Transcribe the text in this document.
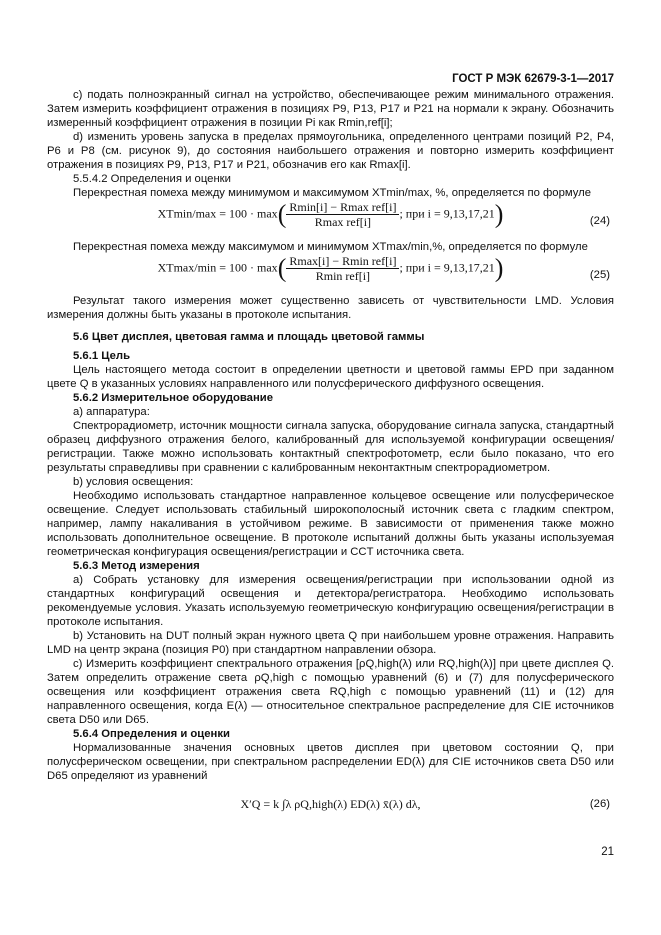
ГОСТ Р МЭК 62679-3-1—2017

c) подать полноэкранный сигнал на устройство, обеспечивающее режим минимального отражения. Затем измерить коэффициент отражения в позициях P9, P13, P17 и P21 на нормали к экрану. Обозначить измеренный коэффициент отражения в позиции Pi как Rmin,ref[i];

d) изменить уровень запуска в пределах прямоугольника, определенного центрами позиций P2, P4, P6 и P8 (см. рисунок 9), до состояния наибольшего отражения и повторно измерить коэффициент отражения в позициях P9, P13, P17 и P21, обозначив его как Rmax[i].

5.5.4.2 Определения и оценки

Перекрестная помеха между минимумом и максимумом XTmin/max, %, определяется по формуле

$XTmin/\max = 100 \cdot \max( \frac{\text{Rmin[i] − Rmax ref[i]}}{\text{Rmax ref[i]}}$ ; при i = 9,13,17,21)	(24)

Перекрестная помеха между максимумом и минимумом XTmax/min,%, определяется по формуле

$XTmax/\min = 100 \cdot \max( \frac{\text{Rmax[i] − Rmin ref[i]}}{\text{Rmin ref[i]}}$ ; при i = 9,13,17,21)	(25)

Результат такого измерения может существенно зависеть от чувствительности LMD. Условия измерения должны быть указаны в протоколе испытания.

5.6 Цвет дисплея, цветовая гамма и площадь цветовой гаммы

5.6.1 Цель

Цель настоящего метода состоит в определении цветности и цветовой гаммы EPD при заданном цвете Q в указанных условиях направленного или полусферического диффузного освещения.

5.6.2 Измерительное оборудование

a) аппаратура:

Спектрорадиометр, источник мощности сигнала запуска, оборудование сигнала запуска, стандартный образец диффузного отражения белого, калиброванный для используемой конфигурации освещения/регистрации. Также можно использовать контактный спектрофотометр, если было показано, что его результаты справедливы при сравнении с калиброванным неконтактным спектрорадиометром.

b) условия освещения:

Необходимо использовать стандартное направленное кольцевое освещение или полусферическое освещение. Следует использовать стабильный широкополосный источник света с гладким спектром, например, лампу накаливания в устойчивом режиме. В зависимости от применения также можно использовать дополнительное освещение. В протоколе испытаний должны быть указаны используемая геометрическая конфигурация освещения/регистрации и CCT источника света.

5.6.3 Метод измерения

a) Собрать установку для измерения освещения/регистрации при использовании одной из стандартных конфигураций освещения и детектора/регистратора. Необходимо использовать рекомендуемые условия. Указать используемую геометрическую конфигурацию освещения/регистрации в протоколе испытания.

b) Установить на DUT полный экран нужного цвета Q при наибольшем уровне отражения. Направить LMD на центр экрана (позиция P0) при стандартном направлении обзора.

c) Измерить коэффициент спектрального отражения [ρQ,high(λ) или RQ,high(λ)] при цвете дисплея Q. Затем определить отражение света ρQ,high с помощью уравнений (6) и (7) для полусферического освещения или коэффициент отражения света RQ,high с помощью уравнений (11) и (12) для направленного освещения, когда E(λ) — относительное спектральное распределение для CIE источников света D50 или D65.

5.6.4 Определения и оценки

Нормализованные значения основных цветов дисплея при цветовом состоянии Q, при полусферическом освещении, при спектральном распределении ED(λ) для CIE источников света D50 или D65 определяют из уравнений

X′Q = k ∫λ ρQ,high(λ) ED(λ) x̄(λ) dλ,	(26)
21
